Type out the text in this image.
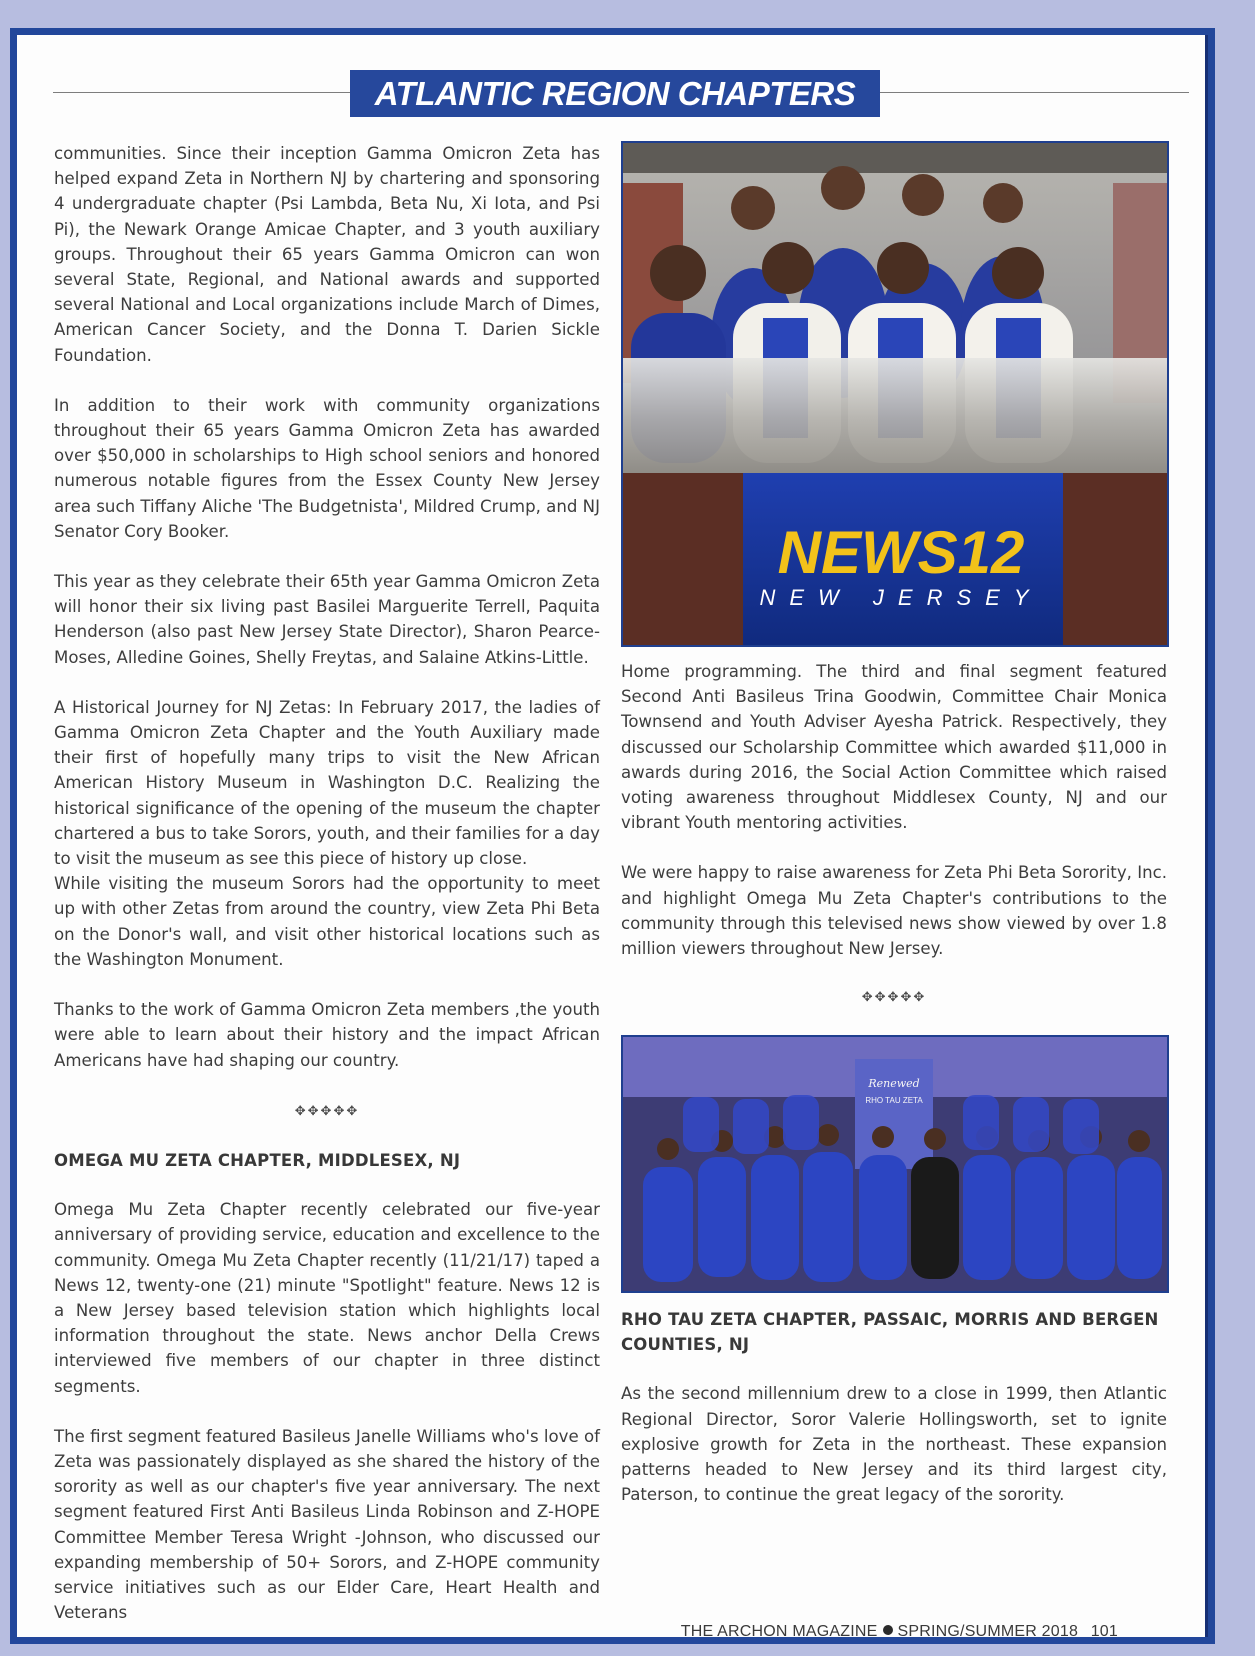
ATLANTIC REGION CHAPTERS

communities. Since their inception Gamma Omicron Zeta has helped expand Zeta in Northern NJ by chartering and sponsoring 4 undergraduate chapter (Psi Lambda, Beta Nu, Xi Iota, and Psi Pi), the Newark Orange Amicae Chapter, and 3 youth auxiliary groups. Throughout their 65 years Gamma Omicron can won several State, Regional, and National awards and supported several National and Local organizations include March of Dimes, American Cancer Society, and the Donna T. Darien Sickle Foundation.

In addition to their work with community organizations throughout their 65 years Gamma Omicron Zeta has awarded over $50,000 in scholarships to High school seniors and honored numerous notable figures from the Essex County New Jersey area such Tiffany Aliche 'The Budgetnista', Mildred Crump, and NJ Senator Cory Booker.

This year as they celebrate their 65th year Gamma Omicron Zeta will honor their six living past Basilei Marguerite Terrell, Paquita Henderson (also past New Jersey State Director), Sharon Pearce-Moses, Alledine Goines, Shelly Freytas, and Salaine Atkins-Little.

A Historical Journey for NJ Zetas: In February 2017, the ladies of Gamma Omicron Zeta Chapter and the Youth Auxiliary made their first of hopefully many trips to visit the New African American History Museum in Washington D.C. Realizing the historical significance of the opening of the museum the chapter chartered a bus to take Sorors, youth, and their families for a day to visit the museum as see this piece of history up close.

While visiting the museum Sorors had the opportunity to meet up with other Zetas from around the country, view Zeta Phi Beta on the Donor's wall, and visit other historical locations such as the Washington Monument.

Thanks to the work of Gamma Omicron Zeta members ,the youth were able to learn about their history and the impact African Americans have had shaping our country.

✥✥✥✥✥
OMEGA MU ZETA CHAPTER, MIDDLESEX, NJ

Omega Mu Zeta Chapter recently celebrated our five-year anniversary of providing service, education and excellence to the community. Omega Mu Zeta Chapter recently (11/21/17) taped a News 12, twenty-one (21) minute "Spotlight" feature. News 12 is a New Jersey based television station which highlights local information throughout the state. News anchor Della Crews interviewed five members of our chapter in three distinct segments.

The first segment featured Basileus Janelle Williams who's love of Zeta was passionately displayed as she shared the history of the sorority as well as our chapter's five year anniversary. The next segment featured First Anti Basileus Linda Robinson and Z-HOPE Committee Member Teresa Wright -Johnson, who discussed our expanding membership of 50+ Sorors, and Z-HOPE community service initiatives such as our Elder Care, Heart Health and Veterans

NEWS12
NEW JERSEY

Home programming. The third and final segment featured Second Anti Basileus Trina Goodwin, Committee Chair Monica Townsend and Youth Adviser Ayesha Patrick. Respectively, they discussed our Scholarship Committee which awarded $11,000 in awards during 2016, the Social Action Committee which raised voting awareness throughout Middlesex County, NJ and our vibrant Youth mentoring activities.

We were happy to raise awareness for Zeta Phi Beta Sorority, Inc. and highlight Omega Mu Zeta Chapter's contributions to the community through this televised news show viewed by over 1.8 million viewers throughout New Jersey.

✥✥✥✥✥
Renewed
RHO TAU ZETA
RHO TAU ZETA CHAPTER, PASSAIC, MORRIS AND BERGEN COUNTIES, NJ

As the second millennium drew to a close in 1999, then Atlantic Regional Director, Soror Valerie Hollingsworth, set to ignite explosive growth for Zeta in the northeast. These expansion patterns headed to New Jersey and its third largest city, Paterson, to continue the great legacy of the sorority.

THE ARCHON MAGAZINE SPRING/SUMMER 2018 101
